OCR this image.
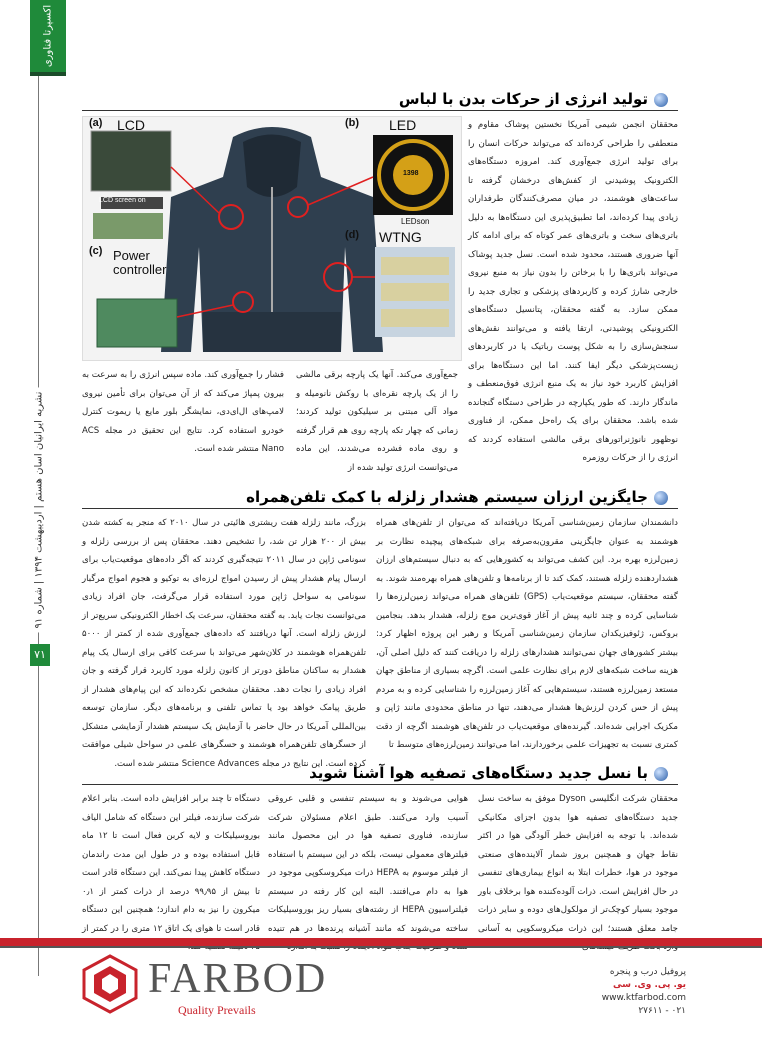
اکسپرتا فناوری
نشریه ایرانیان اسان هستم | اردیبهشت ۱۳۹۴ | شماره ۹۱
۷۱
تولید انرژی از حرکات بدن با لباس
محققان انجمن شیمی آمریکا نخستین پوشاک مقاوم و منعطفی را طراحی کرده‌اند که می‌تواند حرکات انسان را برای تولید انرژی جمع‌آوری کند. امروزه دستگاه‌های الکترونیک پوشیدنی از کفش‌های درخشان گرفته تا ساعت‌های هوشمند، در میان مصرف‌کنندگان طرفداران زیادی پیدا کرده‌اند، اما تطبیق‌پذیری این دستگاه‌ها به دلیل باتری‌های سخت و باتری‌های عمر کوتاه که برای ادامه کار آنها ضروری هستند، محدود شده است. نسل جدید پوشاک می‌تواند باتری‌ها را با برخاتن را بدون نیاز به منبع نیروی خارجی شارژ کرده و کاربردهای پزشکی و تجاری جدید را ممکن سازد. به گفته محققان، پتانسیل دستگاه‌های الکترونیکی پوشیدنی، ارتقا یافته و می‌توانند نقش‌های سنجش‌سازی را به شکل پوست رباتیک یا در کاربردهای زیست‌پزشکی دیگر ایفا کنند. اما این دستگاه‌ها برای افزایش کاربرد خود نیاز به یک منبع انرژی فوق‌منعطف و ماندگار دارند. که طور یکپارچه در طراحی دستگاه گنجانده شده باشد. محققان برای یک راه‌حل ممکن، از فناوری نوظهور نانوژنراتورهای برقی مالشی استفاده کردند که انرژی را از حرکات روزمره
جمع‌آوری می‌کند. آنها یک پارچه برقی مالشی را از یک پارچه نقره‌ای با روکش نانومیله و مواد آلی مبتنی بر سیلیکون تولید کردند؛ زمانی که چهار تکه پارچه روی هم قرار گرفته و روی ماده فشرده می‌شدند، این ماده می‌توانست انرژی تولید شده از
فشار را جمع‌آوری کند. ماده سپس انرژی را به سرعت به بیرون پمپاژ می‌کند که از آن می‌توان برای تأمین نیروی لامپ‌های ال‌ای‌دی، نمایشگر بلور مایع یا ریموت کنترل خودرو استفاده کرد. نتایج این تحقیق در مجله ACS Nano منتشر شده است.
(a) LCD
LCD screen on
(b) LED
1398
LEDson
(c) Power controller
(d) WTNG
جایگزین ارزان سیستم هشدار زلزله با کمک تلفن‌همراه
دانشمندان سازمان زمین‌شناسی آمریکا دریافته‌اند که می‌توان از تلفن‌های همراه هوشمند به عنوان جایگزینی مقرون‌به‌صرفه برای شبکه‌های پیچیده نظارت بر زمین‌لرزه بهره برد. این کشف می‌تواند به کشورهایی که به دنبال سیستم‌های ارزان هشداردهنده زلزله هستند، کمک کند تا از برنامه‌ها و تلفن‌های همراه بهره‌مند شوند. به گفته محققان، سیستم موقعیت‌یاب (GPS) تلفن‌های همراه می‌تواند زمین‌لرزه‌ها را شناسایی کرده و چند ثانیه پیش از آغاز قوی‌ترین موج زلزله، هشدار بدهد. بنجامین بروکس، ژئوفیزیکدان سازمان زمین‌شناسی آمریکا و رهبر این پروژه اظهار کرد: بیشتر کشورهای جهان نمی‌توانند هشدارهای زلزله را دریافت کنند که دلیل اصلی آن، هزینه ساخت شبکه‌های لازم برای نظارت علمی است. اگرچه بسیاری از مناطق جهان مستعد زمین‌لرزه هستند، سیستم‌هایی که آغاز زمین‌لرزه را شناسایی کرده و به مردم پیش از حس کردن لرزش‌ها هشدار می‌دهند، تنها در مناطق محدودی مانند ژاپن و مکزیک اجرایی شده‌اند. گیرنده‌های موقعیت‌یاب در تلفن‌های هوشمند اگرچه از دقت کمتری نسبت به تجهیزات علمی برخوردارند، اما می‌توانند زمین‌لرزه‌های متوسط تا
بزرگ، مانند زلزله هفت ریشتری هائیتی در سال ۲۰۱۰ که منجر به کشته شدن بیش از ۲۰۰ هزار تن شد، را تشخیص دهند. محققان پس از بررسی زلزله و سونامی ژاپن در سال ۲۰۱۱ نتیجه‌گیری کردند که اگر داده‌های موقعیت‌یاب برای ارسال پیام هشدار پیش از رسیدن امواج لرزه‌ای به توکیو و هجوم امواج مرگبار سونامی به سواحل ژاپن مورد استفاده قرار می‌گرفت، جان افراد زیادی می‌توانست نجات یابد. به گفته محققان، سرعت یک اخطار الکترونیکی سریع‌تر از لرزش زلزله است. آنها دریافتند که داده‌های جمع‌آوری شده از کمتر از ۵۰۰۰ تلفن‌همراه هوشمند در کلان‌شهر می‌تواند با سرعت کافی برای ارسال یک پیام هشدار به ساکنان مناطق دورتر از کانون زلزله مورد کاربرد قرار گرفته و جان افراد زیادی را نجات دهد. محققان مشخص نکرده‌اند که این پیام‌های هشدار از طریق پیامک خواهد بود یا تماس تلفنی و برنامه‌های دیگر. سازمان توسعه بین‌المللی آمریکا در حال حاضر با آزمایش یک سیستم هشدار آزمایشی متشکل از حسگرهای تلفن‌همراه هوشمند و حسگرهای علمی در سواحل شیلی موافقت کرده است. این نتایج در مجله Science Advances منتشر شده است.
با نسل جدید دستگاه‌های تصفیه هوا آشنا شوید
محققان شرکت انگلیسی Dyson موفق به ساخت نسل جدید دستگاه‌های تصفیه هوا بدون اجزای مکانیکی شده‌اند. با توجه به افزایش خطر آلودگی هوا در اکثر نقاط جهان و همچنین بروز شمار آلاینده‌های صنعتی موجود در هوا، خطرات ابتلا به انواع بیماری‌های تنفسی در حال افزایش است. ذرات آلوده‌کننده هوا برخلاف باور موجود بسیار کوچک‌تر از مولکول‌های دوده و سایر ذرات جامد معلق هستند؛ این ذرات میکروسکوپی به آسانی
هوایی می‌شوند و به سیستم تنفسی و قلبی عروقی آسیب وارد می‌کنند. طبق اعلام مسئولان شرکت سازنده، فناوری تصفیه هوا در این محصول مانند فیلترهای معمولی نیست، بلکه در این سیستم با استفاده از فیلتر موسوم به HEPA ذرات میکروسکوپی موجود در هوا به دام می‌افتند. البته این کار رفته در سیستم فیلتراسیون HEPA از رشته‌های بسیار ریز بوروسیلیکات ساخته می‌شوند که مانند آشیانه پرنده‌ها در هم تنیده
دستگاه تا چند برابر افزایش داده است. بنابر اعلام شرکت سازنده، فیلتر این دستگاه که شامل الیاف بوروسیلیکات و لایه کربن فعال است تا ۱۲ ماه قابل استفاده بوده و در طول این مدت راندمان دستگاه کاهش پیدا نمی‌کند. این دستگاه قادر است تا بیش از ۹۹٫۹۵ درصد از ذرات کمتر از ۰٫۱ میکرون را نیز به دام اندازد؛ همچنین این دستگاه قادر است تا هوای یک اتاق ۱۲ متری را در کمتر از
FARBOD
Quality Prevails
پروفیل درب و پنجره
یو. پی. وی. سی
www.ktfarbod.com
۰۲۱ - ۲۷۶۱۱
